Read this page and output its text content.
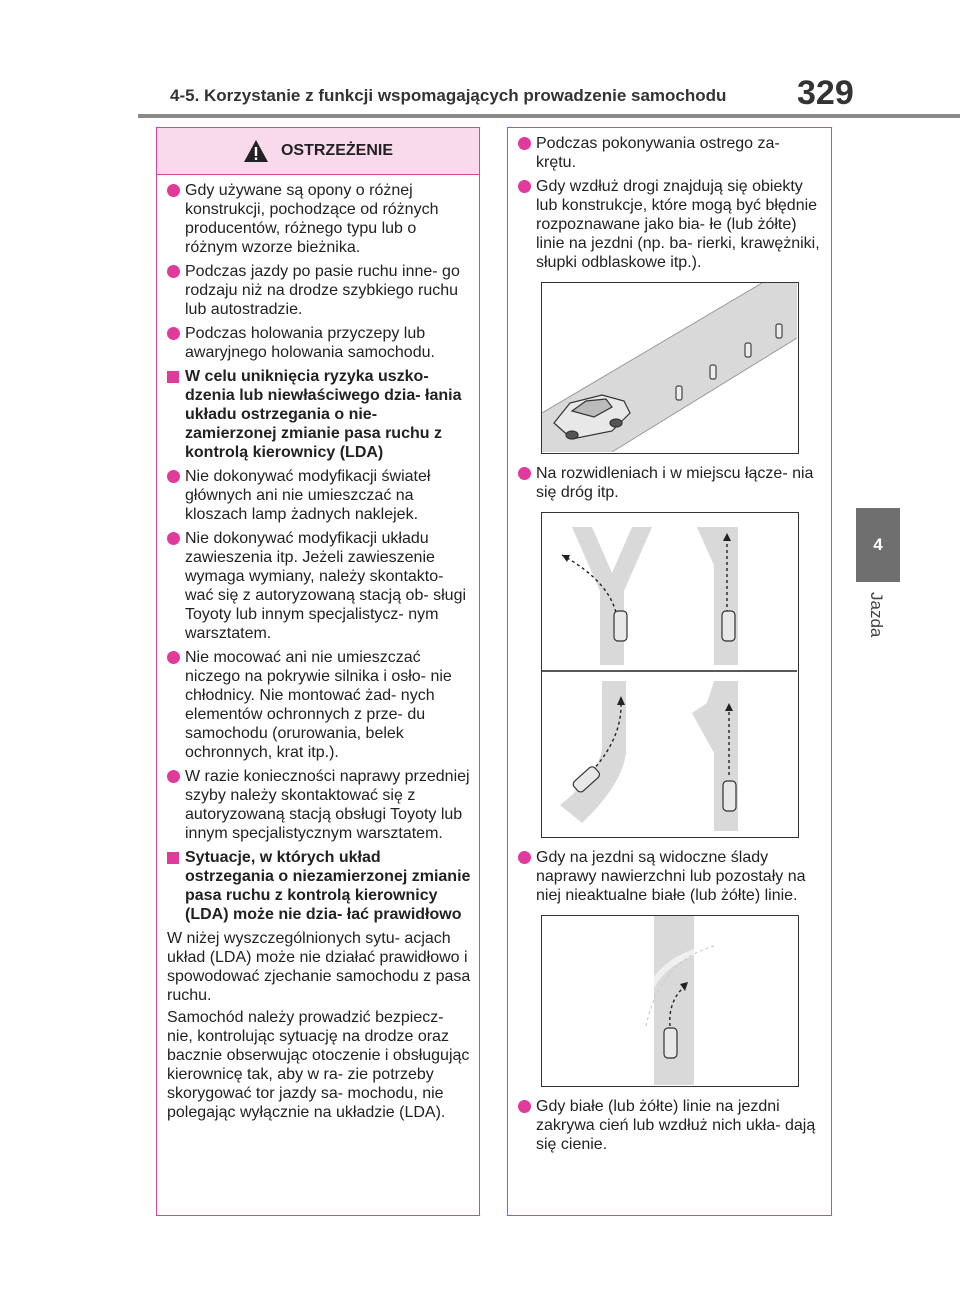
4-5. Korzystanie z funkcji wspomagających prowadzenie samochodu 329
4
Jazda
OSTRZEŻENIE
Gdy używane są opony o różnej konstrukcji, pochodzące od różnych producentów, różnego typu lub o różnym wzorze bieżnika.
Podczas jazdy po pasie ruchu inne- go rodzaju niż na drodze szybkiego ruchu lub autostradzie.
Podczas holowania przyczepy lub awaryjnego holowania samochodu.
W celu uniknięcia ryzyka uszko- dzenia lub niewłaściwego dzia- łania układu ostrzegania o nie- zamierzonej zmianie pasa ruchu z kontrolą kierownicy (LDA)
Nie dokonywać modyfikacji świateł głównych ani nie umieszczać na kloszach lamp żadnych naklejek.
Nie dokonywać modyfikacji układu zawieszenia itp. Jeżeli zawieszenie wymaga wymiany, należy skontakto- wać się z autoryzowaną stacją ob- sługi Toyoty lub innym specjalistycz- nym warsztatem.
Nie mocować ani nie umieszczać niczego na pokrywie silnika i osło- nie chłodnicy. Nie montować żad- nych elementów ochronnych z prze- du samochodu (orurowania, belek ochronnych, krat itp.).
W razie konieczności naprawy przedniej szyby należy skontaktować się z autoryzowaną stacją obsługi Toyoty lub innym specjalistycznym warsztatem.
Sytuacje, w których układ ostrzegania o niezamierzonej zmianie pasa ruchu z kontrolą kierownicy (LDA) może nie dzia- łać prawidłowo
W niżej wyszczególnionych sytu- acjach układ (LDA) może nie działać prawidłowo i spowodować zjechanie samochodu z pasa ruchu.
Samochód należy prowadzić bezpiecz- nie, kontrolując sytuację na drodze oraz bacznie obserwując otoczenie i obsługując kierownicę tak, aby w ra- zie potrzeby skorygować tor jazdy sa- mochodu, nie polegając wyłącznie na układzie (LDA).
Podczas pokonywania ostrego za- krętu.
Gdy wzdłuż drogi znajdują się obiekty lub konstrukcje, które mogą być błędnie rozpoznawane jako bia- łe (lub żółte) linie na jezdni (np. ba- rierki, krawężniki, słupki odblaskowe itp.).
Na rozwidleniach i w miejscu łącze- nia się dróg itp.
Gdy na jezdni są widoczne ślady naprawy nawierzchni lub pozostały na niej nieaktualne białe (lub żółte) linie.
Gdy białe (lub żółte) linie na jezdni zakrywa cień lub wzdłuż nich ukła- dają się cienie.
